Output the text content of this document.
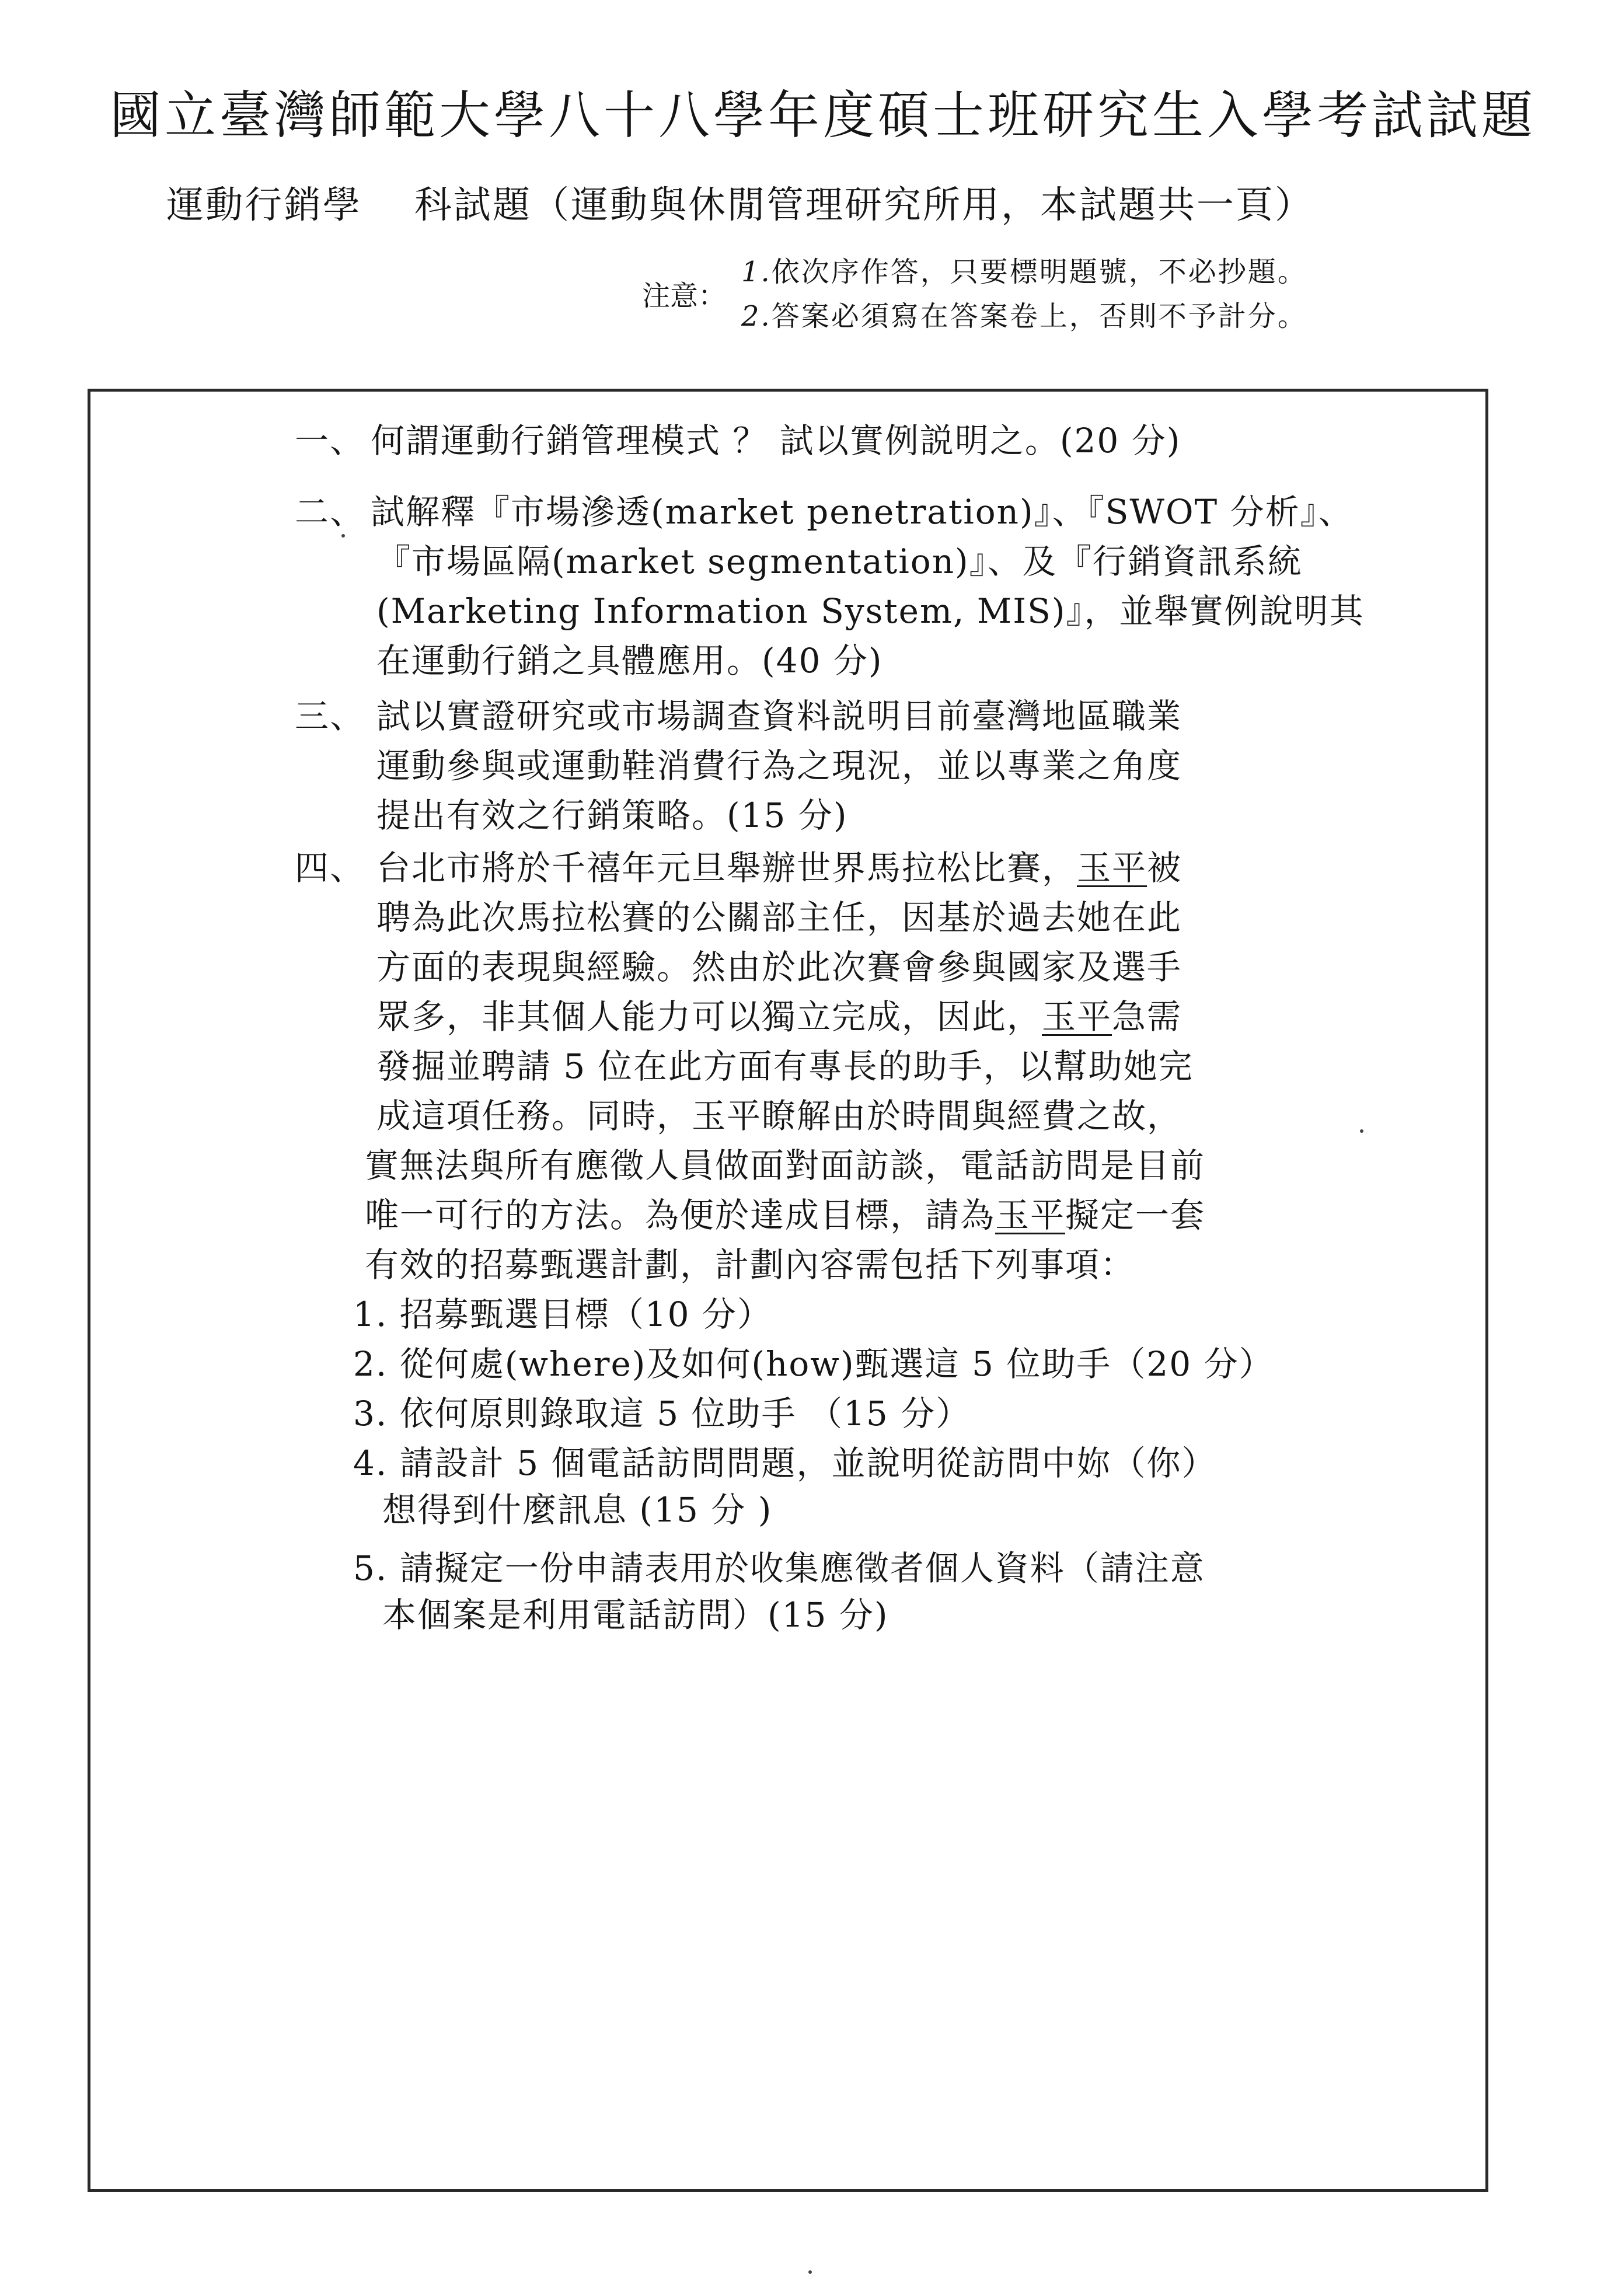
國立臺灣師範大學八十八學年度碩士班研究生入學考試試題
運動行銷學 科試題（運動與休閒管理研究所用，本試題共一頁）
注意：
1.依次序作答，只要標明題號，不必抄題。
2.答案必須寫在答案卷上，否則不予計分。
一、 何謂運動行銷管理模式 ？ 試以實例説明之。(20 分)
二、 試解釋『市場滲透(market penetration)』、『SWOT 分析』、
『市場區隔(market segmentation)』、及『行銷資訊系統
(Marketing Information System, MIS)』，並舉實例說明其
在運動行銷之具體應用。(40 分)
三、 試以實證研究或市場調查資料説明目前臺灣地區職業
運動參與或運動鞋消費行為之現況，並以專業之角度
提出有效之行銷策略。(15 分)
四、 台北市將於千禧年元旦舉辦世界馬拉松比賽，玉平被
聘為此次馬拉松賽的公關部主任，因基於過去她在此
方面的表現與經驗。然由於此次賽會參與國家及選手
眾多，非其個人能力可以獨立完成，因此，玉平急需
發掘並聘請 5 位在此方面有專長的助手，以幫助她完
成這項任務。同時，玉平瞭解由於時間與經費之故，
實無法與所有應徵人員做面對面訪談，電話訪問是目前
唯一可行的方法。為便於達成目標，請為玉平擬定一套
有效的招募甄選計劃，計劃內容需包括下列事項：
1. 招募甄選目標（10 分）
2. 從何處(where)及如何(how)甄選這 5 位助手（20 分）
3. 依何原則錄取這 5 位助手 （15 分）
4. 請設計 5 個電話訪問問題，並說明從訪問中妳（你）
想得到什麼訊息 (15 分 )
5. 請擬定一份申請表用於收集應徵者個人資料（請注意
本個案是利用電話訪問）(15 分)
